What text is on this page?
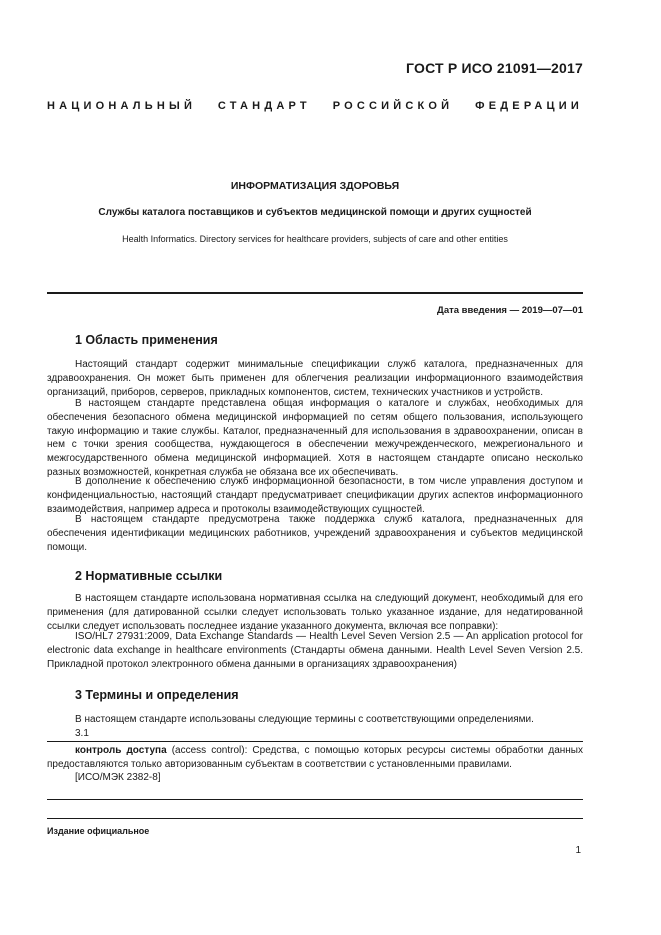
ГОСТ Р ИСО 21091—2017
НАЦИОНАЛЬНЫЙ СТАНДАРТ РОССИЙСКОЙ ФЕДЕРАЦИИ
ИНФОРМАТИЗАЦИЯ ЗДОРОВЬЯ
Службы каталога поставщиков и субъектов медицинской помощи и других сущностей
Health Informatics. Directory services for healthcare providers, subjects of care and other entities
Дата введения — 2019—07—01
1 Область применения

Настоящий стандарт содержит минимальные спецификации служб каталога, предназначенных для здравоохранения. Он может быть применен для облегчения реализации информационного взаимодействия организаций, приборов, серверов, прикладных компонентов, систем, технических участников и устройств.

В настоящем стандарте представлена общая информация о каталоге и службах, необходимых для обеспечения безопасного обмена медицинской информацией по сетям общего пользования, использующего такую информацию и такие службы. Каталог, предназначенный для использования в здравоохранении, описан в нем с точки зрения сообщества, нуждающегося в обеспечении межучрежденческого, межрегионального и межгосударственного обмена медицинской информацией. Хотя в настоящем стандарте описано несколько разных возможностей, конкретная служба не обязана все их обеспечивать.

В дополнение к обеспечению служб информационной безопасности, в том числе управления доступом и конфиденциальностью, настоящий стандарт предусматривает спецификации других аспектов информационного взаимодействия, например адреса и протоколы взаимодействующих сущностей.

В настоящем стандарте предусмотрена также поддержка служб каталога, предназначенных для обеспечения идентификации медицинских работников, учреждений здравоохранения и субъектов медицинской помощи.

2 Нормативные ссылки

В настоящем стандарте использована нормативная ссылка на следующий документ, необходимый для его применения (для датированной ссылки следует использовать только указанное издание, для недатированной ссылки следует использовать последнее издание указанного документа, включая все поправки):

ISO/HL7 27931:2009, Data Exchange Standards — Health Level Seven Version 2.5 — An application protocol for electronic data exchange in healthcare environments (Стандарты обмена данными. Health Level Seven Version 2.5. Прикладной протокол электронного обмена данными в организациях здравоохранения)

3 Термины и определения

В настоящем стандарте использованы следующие термины с соответствующими определениями.

3.1

контроль доступа (access control): Средства, с помощью которых ресурсы системы обработки данных предоставляются только авторизованным субъектам в соответствии с установленными правилами.

[ИСО/МЭК 2382-8]

Издание официальное
1
